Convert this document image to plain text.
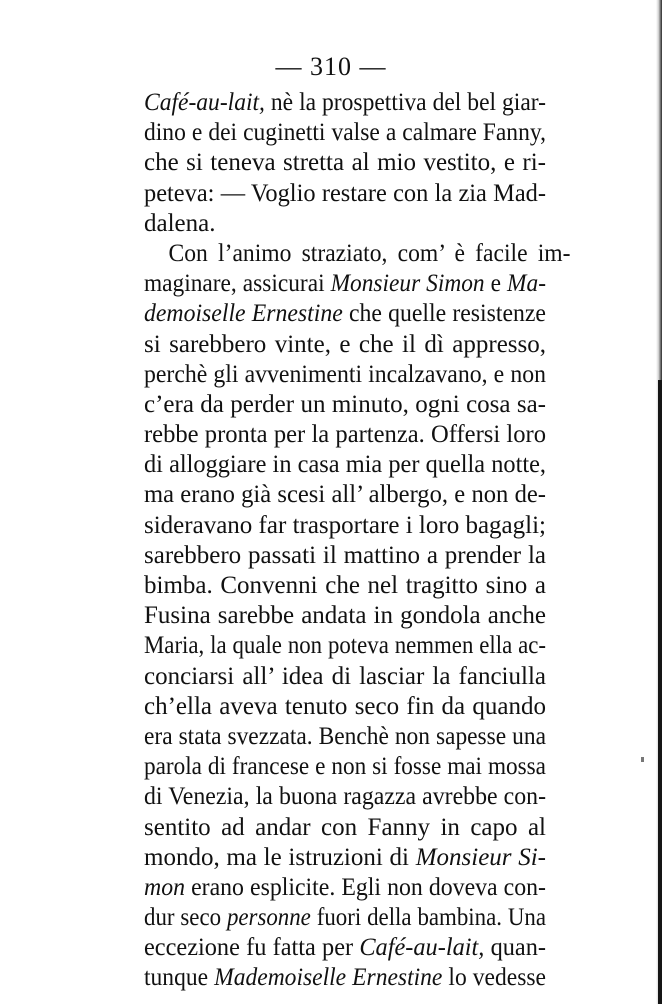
— 310 —
Café-au-lait, nè la prospettiva del bel giar-
dino e dei cuginetti valse a calmare Fanny,
che si teneva stretta al mio vestito, e ri-
peteva: — Voglio restare con la zia Mad-
dalena.
Con l’animo straziato, com’ è facile im-
maginare, assicurai Monsieur Simon e Ma-
demoiselle Ernestine che quelle resistenze
si sarebbero vinte, e che il dì appresso,
perchè gli avvenimenti incalzavano, e non
c’era da perder un minuto, ogni cosa sa-
rebbe pronta per la partenza. Offersi loro
di alloggiare in casa mia per quella notte,
ma erano già scesi all’ albergo, e non de-
sideravano far trasportare i loro bagagli;
sarebbero passati il mattino a prender la
bimba. Convenni che nel tragitto sino a
Fusina sarebbe andata in gondola anche
Maria, la quale non poteva nemmen ella ac-
conciarsi all’ idea di lasciar la fanciulla
ch’ella aveva tenuto seco fin da quando
era stata svezzata. Benchè non sapesse una
parola di francese e non si fosse mai mossa
di Venezia, la buona ragazza avrebbe con-
sentito ad andar con Fanny in capo al
mondo, ma le istruzioni di Monsieur Si-
mon erano esplicite. Egli non doveva con-
dur seco personne fuori della bambina. Una
eccezione fu fatta per Café-au-lait, quan-
tunque Mademoiselle Ernestine lo vedesse
